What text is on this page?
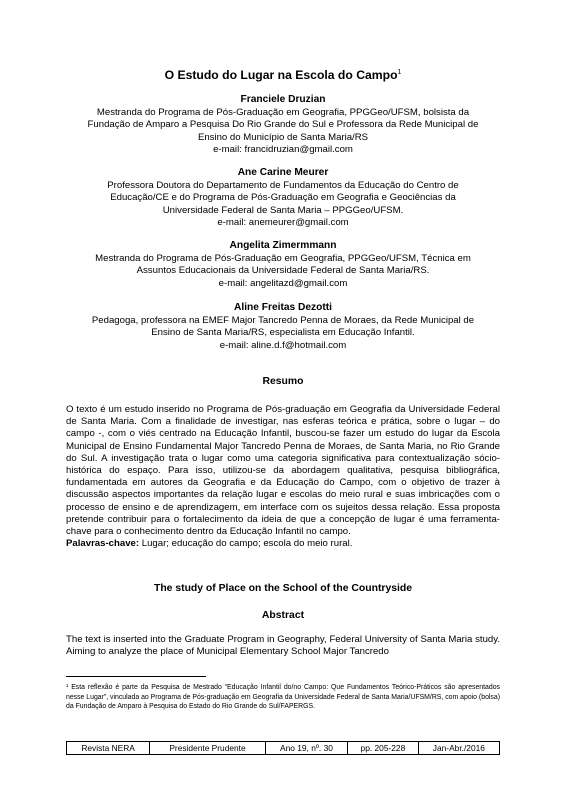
O Estudo do Lugar na Escola do Campo$^1$
Franciele Druzian
Mestranda do Programa de Pós-Graduação em Geografia, PPGGeo/UFSM, bolsista da
Fundação de Amparo a Pesquisa Do Rio Grande do Sul e Professora da Rede Municipal de
Ensino do Município de Santa Maria/RS
e-mail: francidruzian@gmail.com
Ane Carine Meurer
Professora Doutora do Departamento de Fundamentos da Educação do Centro de
Educação/CE e do Programa de Pós-Graduação em Geografia e Geociências da
Universidade Federal de Santa Maria – PPGGeo/UFSM.
e-mail: anemeurer@gmail.com
Angelita Zimermmann
Mestranda do Programa de Pós-Graduação em Geografia, PPGGeo/UFSM, Técnica em
Assuntos Educacionais da Universidade Federal de Santa Maria/RS.
e-mail: angelitazd@gmail.com
Aline Freitas Dezotti
Pedagoga, professora na EMEF Major Tancredo Penna de Moraes, da Rede Municipal de
Ensino de Santa Maria/RS, especialista em Educação Infantil.
e-mail: aline.d.f@hotmail.com
Resumo
O texto é um estudo inserido no Programa de Pós-graduação em Geografia da Universidade Federal de Santa Maria. Com a finalidade de investigar, nas esferas teórica e prática, sobre o lugar – do campo -, com o viés centrado na Educação Infantil, buscou-se fazer um estudo do lugar da Escola Municipal de Ensino Fundamental Major Tancredo Penna de Moraes, de Santa Maria, no Rio Grande do Sul. A investigação trata o lugar como uma categoria significativa para contextualização sócio-histórica do espaço. Para isso, utilizou-se da abordagem qualitativa, pesquisa bibliográfica, fundamentada em autores da Geografia e da Educação do Campo, com o objetivo de trazer à discussão aspectos importantes da relação lugar e escolas do meio rural e suas imbricações com o processo de ensino e de aprendizagem, em interface com os sujeitos dessa relação. Essa proposta pretende contribuir para o fortalecimento da ideia de que a concepção de lugar é uma ferramenta-chave para o conhecimento dentro da Educação Infantil no campo.
Palavras-chave: Lugar; educação do campo; escola do meio rural.
The study of Place on the School of the Countryside
Abstract
The text is inserted into the Graduate Program in Geography, Federal University of Santa Maria study. Aiming to analyze the place of Municipal Elementary School Major Tancredo
¹ Esta reflexão é parte da Pesquisa de Mestrado “Educação Infantil do/no Campo: Que Fundamentos Teórico-Práticos são apresentados nesse Lugar”, vinculada ao Programa de Pós-graduação em Geografia da Universidade Federal de Santa Maria/UFSM/RS, com apoio (bolsa) da Fundação de Amparo à Pesquisa do Estado do Rio Grande do Sul/FAPERGS.
Revista NERA	Presidente Prudente	Ano 19, nº. 30	pp. 205-228	Jan-Abr./2016
